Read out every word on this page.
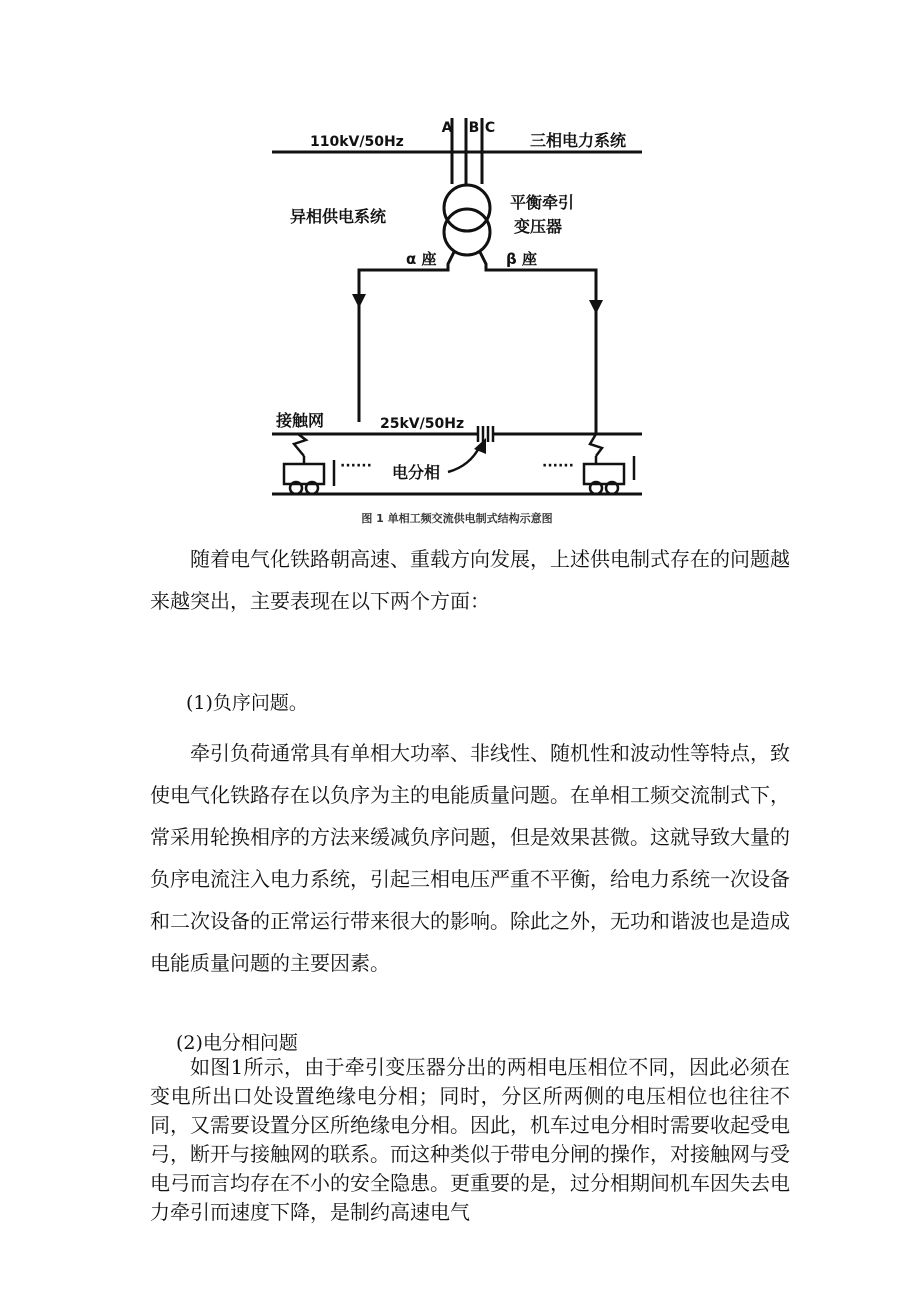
110kV/50Hz
A B C
三相电力系统
异相供电系统
平衡牵引
变压器
α 座	β 座
接触网	25kV/50Hz
······	······
电分相
图 1 单相工频交流供电制式结构示意图

随着电气化铁路朝高速、重载方向发展，上述供电制式存在的问题越来越突出，主要表现在以下两个方面：

(1)负序问题。

牵引负荷通常具有单相大功率、非线性、随机性和波动性等特点，致使电气化铁路存在以负序为主的电能质量问题。在单相工频交流制式下，常采用轮换相序的方法来缓减负序问题，但是效果甚微。这就导致大量的负序电流注入电力系统，引起三相电压严重不平衡，给电力系统一次设备和二次设备的正常运行带来很大的影响。除此之外，无功和谐波也是造成电能质量问题的主要因素。

(2)电分相问题

如图1所示，由于牵引变压器分出的两相电压相位不同，因此必须在变电所出口处设置绝缘电分相；同时，分区所两侧的电压相位也往往不同，又需要设置分区所绝缘电分相。因此，机车过电分相时需要收起受电弓，断开与接触网的联系。而这种类似于带电分闸的操作，对接触网与受电弓而言均存在不小的安全隐患。更重要的是，过分相期间机车因失去电力牵引而速度下降，是制约高速电气
